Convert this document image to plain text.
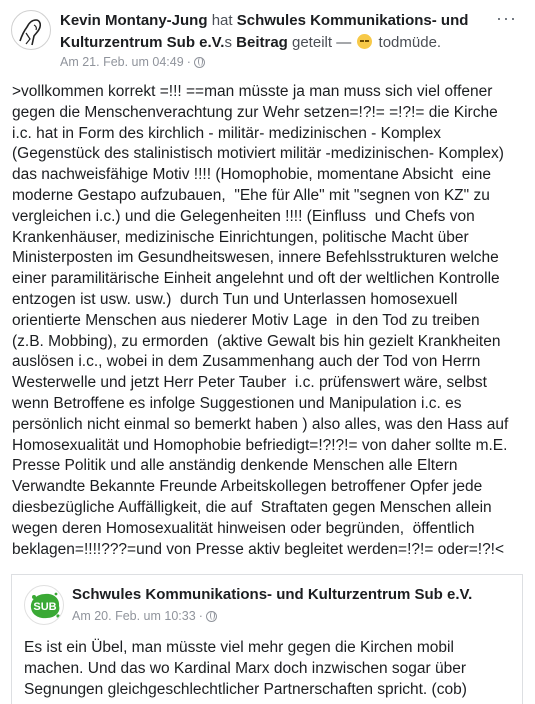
Kevin Montany-Jung hat Schwules Kommunikations- und Kulturzentrum Sub e.V.s Beitrag geteilt — todmüde.
Am 21. Feb. um 04:49 ·
···
>vollkommen korrekt =!!! ==man müsste ja man muss sich viel offener
gegen die Menschenverachtung zur Wehr setzen=!?!= =!?!= die Kirche
i.c. hat in Form des kirchlich - militär- medizinischen - Komplex
(Gegenstück des stalinistisch motiviert militär -medizinischen- Komplex)
das nachweisfähige Motiv !!!! (Homophobie, momentane Absicht  eine
moderne Gestapo aufzubauen,  "Ehe für Alle" mit "segnen von KZ" zu
vergleichen i.c.) und die Gelegenheiten !!!! (Einfluss  und Chefs von
Krankenhäuser, medizinische Einrichtungen, politische Macht über
Ministerposten im Gesundheitswesen, innere Befehlsstrukturen welche
einer paramilitärische Einheit angelehnt und oft der weltlichen Kontrolle
entzogen ist usw. usw.)  durch Tun und Unterlassen homosexuell
orientierte Menschen aus niederer Motiv Lage  in den Tod zu treiben
(z.B. Mobbing), zu ermorden  (aktive Gewalt bis hin gezielt Krankheiten
auslösen i.c., wobei in dem Zusammenhang auch der Tod von Herrn
Westerwelle und jetzt Herr Peter Tauber  i.c. prüfenswert wäre, selbst
wenn Betroffene es infolge Suggestionen und Manipulation i.c. es
persönlich nicht einmal so bemerkt haben ) also alles, was den Hass auf
Homosexualität und Homophobie befriedigt=!?!?!= von daher sollte m.E.
Presse Politik und alle anständig denkende Menschen alle Eltern
Verwandte Bekannte Freunde Arbeitskollegen betroffener Opfer jede
diesbezügliche Auffälligkeit, die auf  Straftaten gegen Menschen allein
wegen deren Homosexualität hinweisen oder begründen,  öffentlich
beklagen=!!!!???=und von Presse aktiv begleitet werden=!?!= oder=!?!<
SUB
Schwules Kommunikations- und Kulturzentrum Sub e.V.
Am 20. Feb. um 10:33 ·
Es ist ein Übel, man müsste viel mehr gegen die Kirchen mobil
machen. Und das wo Kardinal Marx doch inzwischen sogar über
Segnungen gleichgeschlechtlicher Partnerschaften spricht. (cob)
